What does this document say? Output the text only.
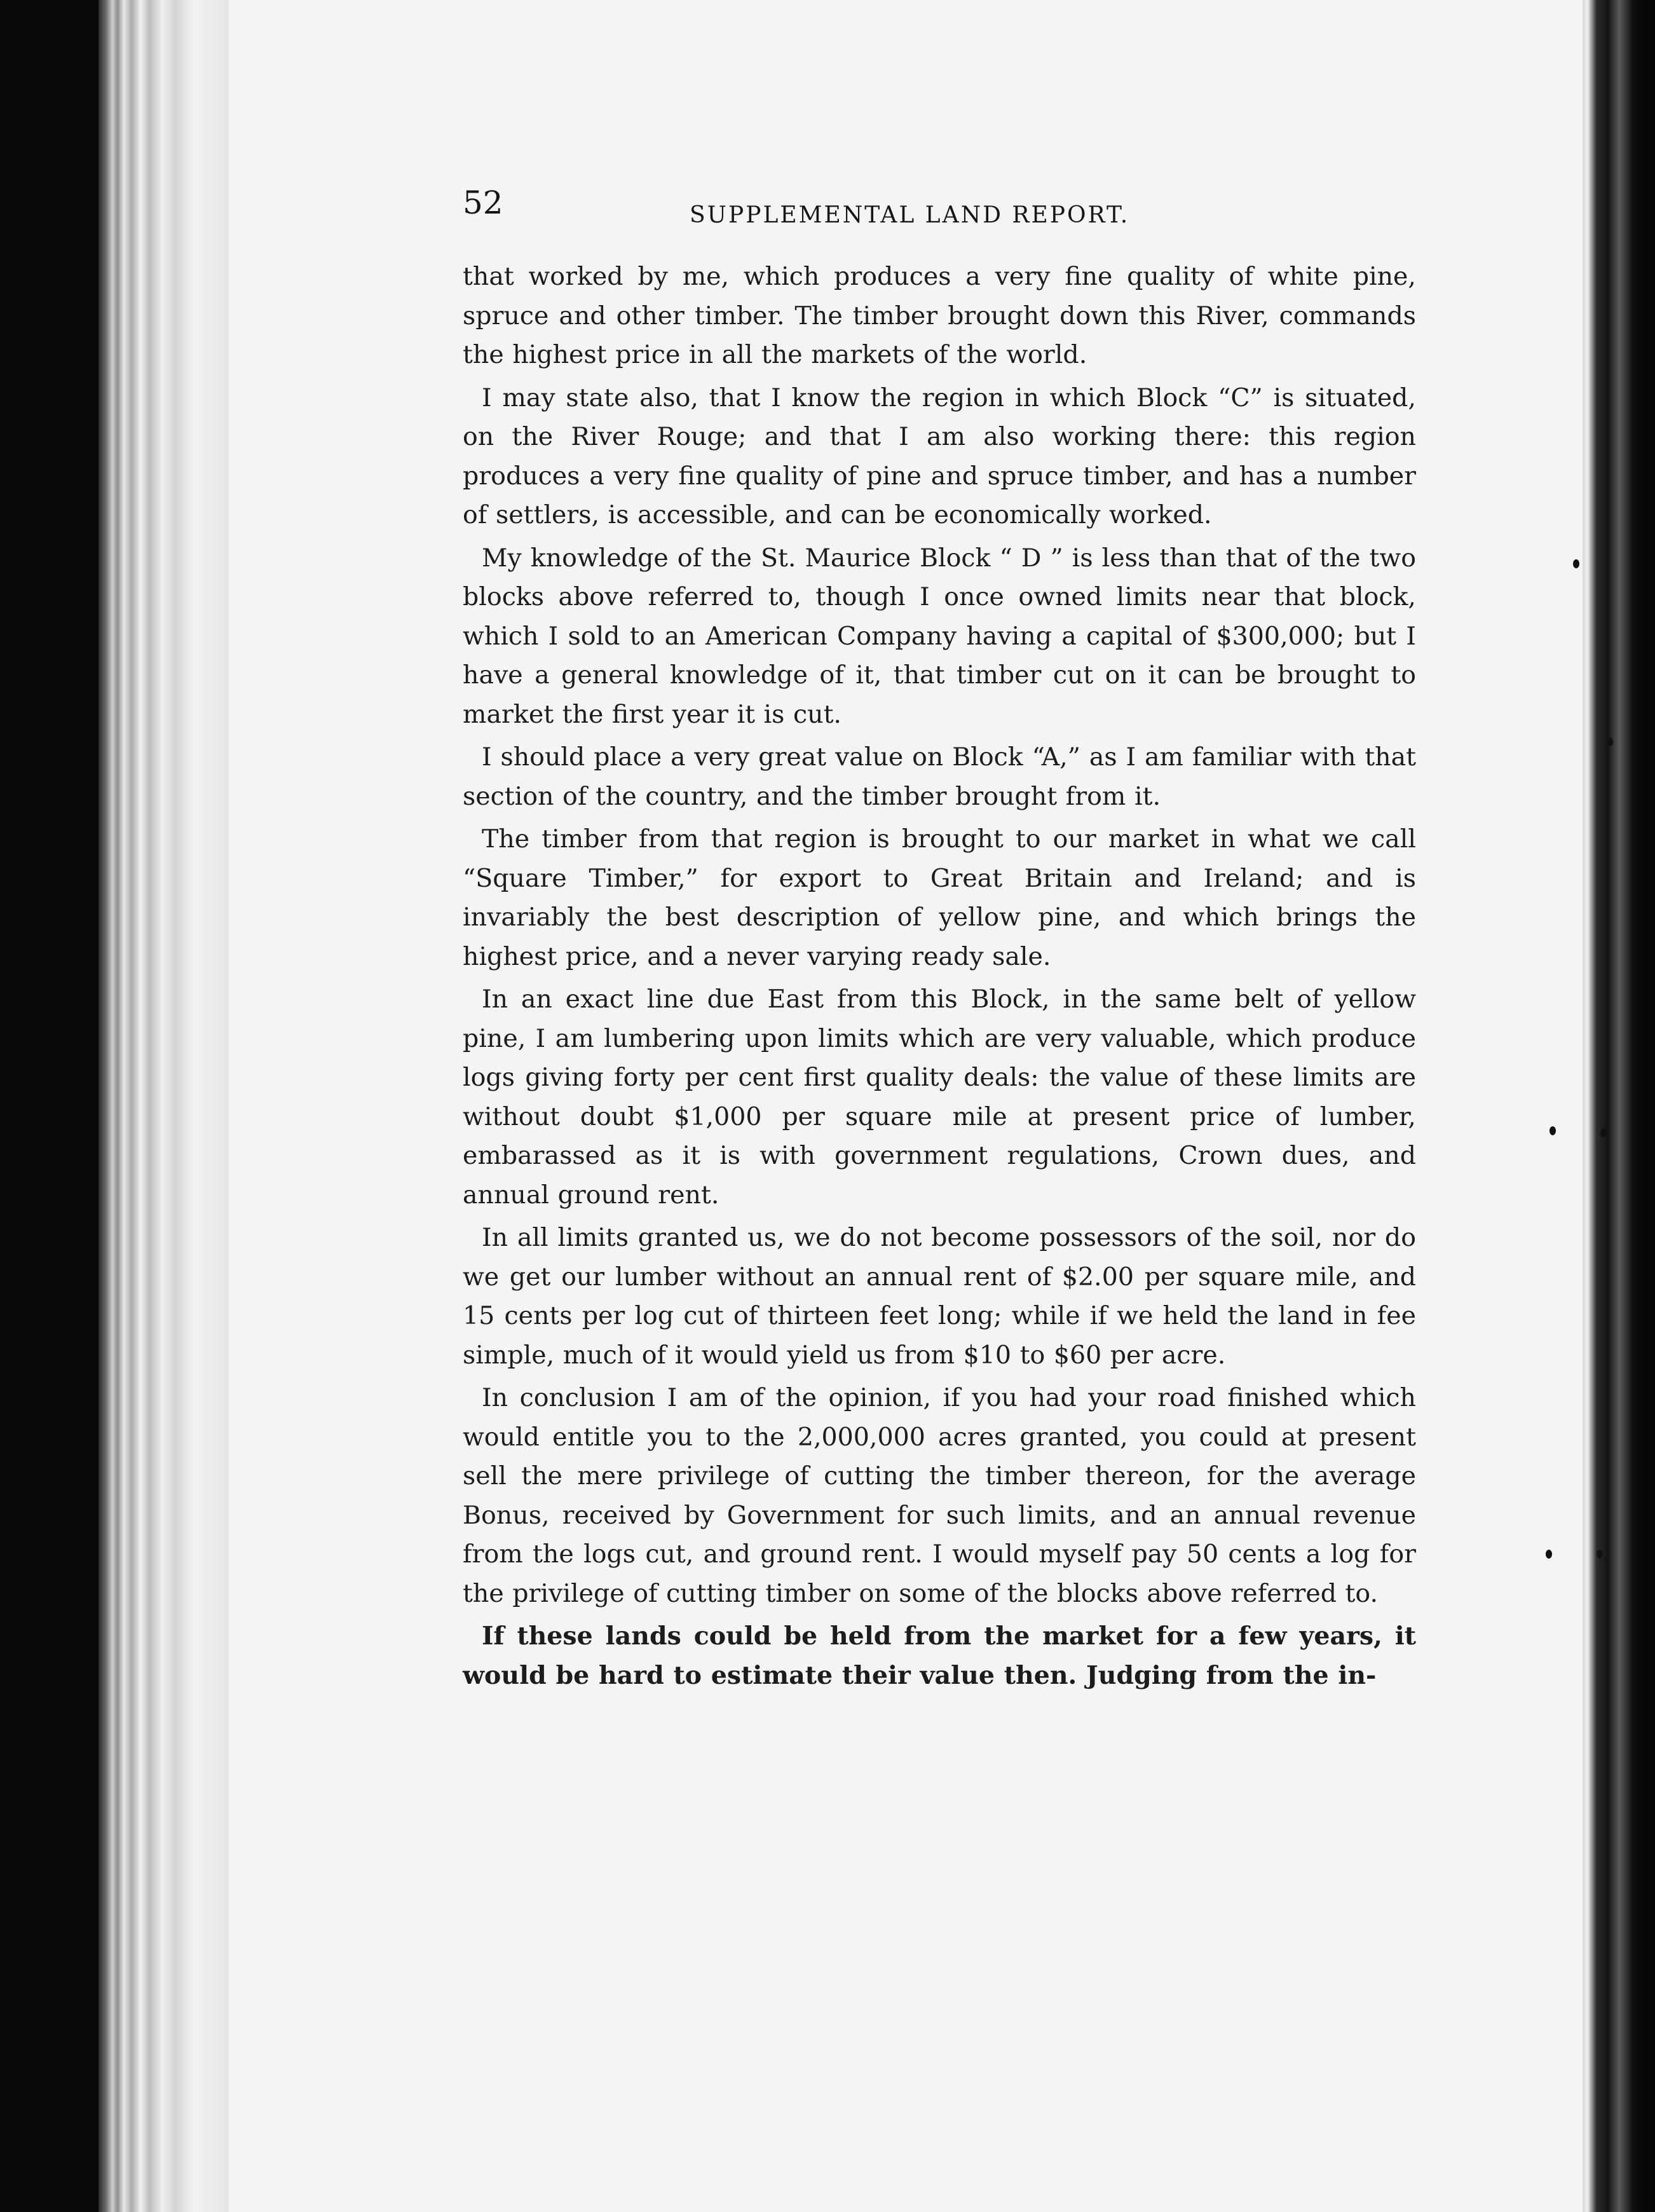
52	SUPPLEMENTAL LAND REPORT.

that worked by me, which produces a very fine quality of white pine, spruce and other timber. The timber brought down this River, commands the highest price in all the markets of the world.

I may state also, that I know the region in which Block “C” is situated, on the River Rouge; and that I am also working there: this region produces a very fine quality of pine and spruce timber, and has a number of settlers, is accessible, and can be economically worked.

My knowledge of the St. Maurice Block “ D ” is less than that of the two blocks above referred to, though I once owned limits near that block, which I sold to an American Company having a capital of $300,000; but I have a general knowledge of it, that timber cut on it can be brought to market the first year it is cut.

I should place a very great value on Block “A,” as I am familiar with that section of the country, and the timber brought from it.

The timber from that region is brought to our market in what we call “Square Timber,” for export to Great Britain and Ireland; and is invariably the best description of yellow pine, and which brings the highest price, and a never varying ready sale.

In an exact line due East from this Block, in the same belt of yellow pine, I am lumbering upon limits which are very valuable, which produce logs giving forty per cent first quality deals: the value of these limits are without doubt $1,000 per square mile at present price of lumber, embarassed as it is with government regulations, Crown dues, and annual ground rent.

In all limits granted us, we do not become possessors of the soil, nor do we get our lumber without an annual rent of $2.00 per square mile, and 15 cents per log cut of thirteen feet long; while if we held the land in fee simple, much of it would yield us from $10 to $60 per acre.

In conclusion I am of the opinion, if you had your road finished which would entitle you to the 2,000,000 acres granted, you could at present sell the mere privilege of cutting the timber thereon, for the average Bonus, received by Government for such limits, and an annual revenue from the logs cut, and ground rent. I would myself pay 50 cents a log for the privilege of cutting timber on some of the blocks above referred to.

If these lands could be held from the market for a few years, it would be hard to estimate their value then. Judging from the in-
